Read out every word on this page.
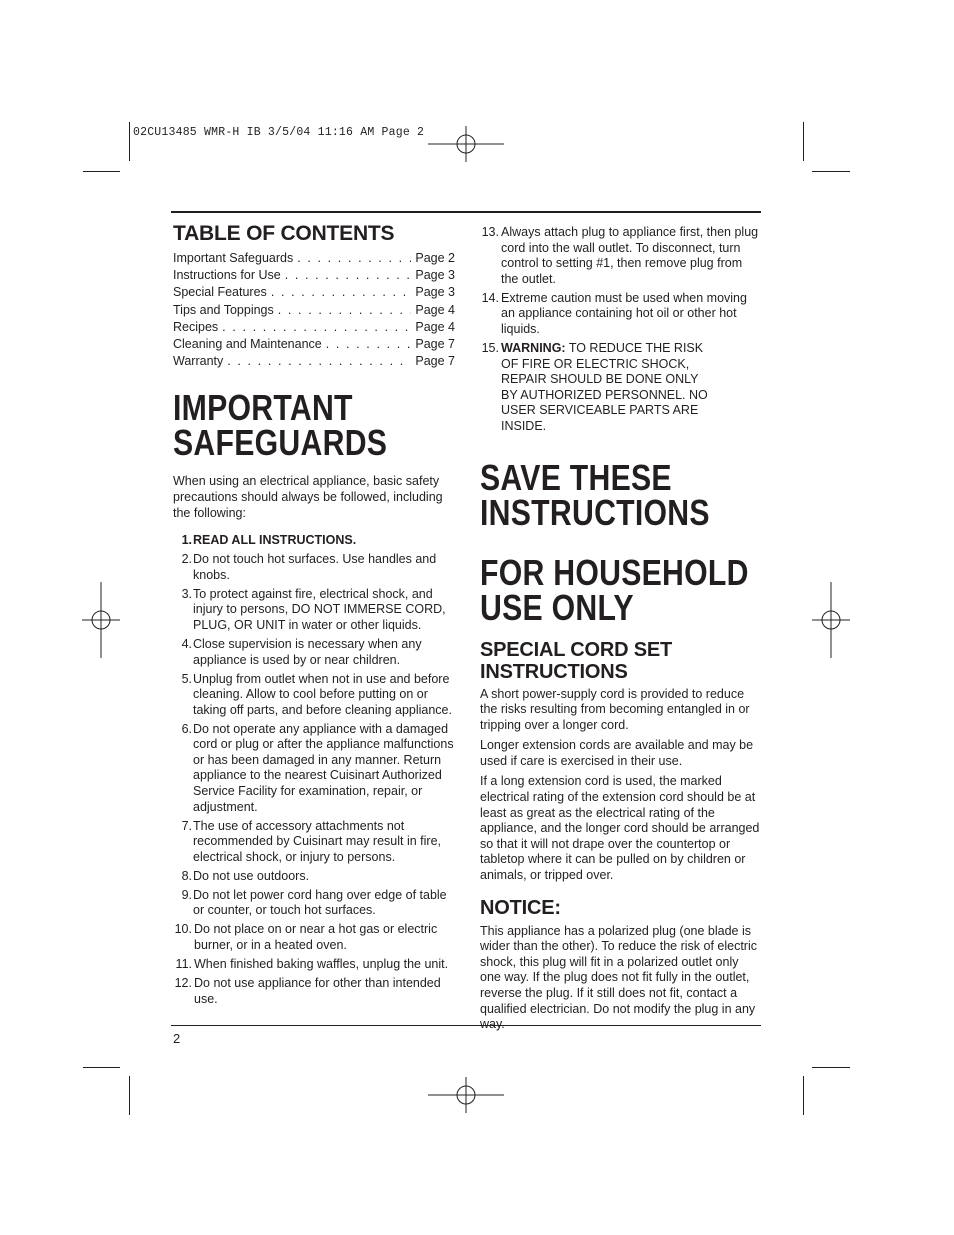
02CU13485 WMR-H IB 3/5/04 11:16 AM Page 2
2
TABLE OF CONTENTS
Important Safeguards . . .	Page 2
Instructions for Use . . .	Page 3
Special Features . . .	Page 3
Tips and Toppings . . .	Page 4
Recipes . . .	Page 4
Cleaning and Maintenance . . .	Page 7
Warranty . . .	Page 7
IMPORTANT
SAFEGUARDS

When using an electrical appliance, basic safety precautions should always be followed, including the following:

1. READ ALL INSTRUCTIONS.
2. Do not touch hot surfaces. Use handles and knobs.
3. To protect against fire, electrical shock, and injury to persons, DO NOT IMMERSE CORD, PLUG, OR UNIT in water or other liquids.
4. Close supervision is necessary when any appliance is used by or near children.
5. Unplug from outlet when not in use and before cleaning. Allow to cool before putting on or taking off parts, and before cleaning appliance.
6. Do not operate any appliance with a damaged cord or plug or after the appliance malfunctions or has been damaged in any manner. Return appliance to the nearest Cuisinart Authorized Service Facility for examination, repair, or adjustment.
7. The use of accessory attachments not recommended by Cuisinart may result in fire, electrical shock, or injury to persons.
8. Do not use outdoors.
9. Do not let power cord hang over edge of table or counter, or touch hot surfaces.
10. Do not place on or near a hot gas or electric burner, or in a heated oven.
11. When finished baking waffles, unplug the unit.
12. Do not use appliance for other than intended use.
13. Always attach plug to appliance first, then plug cord into the wall outlet. To disconnect, turn control to setting #1, then remove plug from the outlet.
14. Extreme caution must be used when moving an appliance containing hot oil or other hot liquids.
15. WARNING: TO REDUCE THE RISK OF FIRE OR ELECTRIC SHOCK, REPAIR SHOULD BE DONE ONLY BY AUTHORIZED PERSONNEL. NO USER SERVICEABLE PARTS ARE INSIDE.
SAVE THESE
INSTRUCTIONS
FOR HOUSEHOLD
USE ONLY
SPECIAL CORD SET
INSTRUCTIONS

A short power-supply cord is provided to reduce the risks resulting from becoming entangled in or tripping over a longer cord.

Longer extension cords are available and may be used if care is exercised in their use.

If a long extension cord is used, the marked electrical rating of the extension cord should be at least as great as the electrical rating of the appliance, and the longer cord should be arranged so that it will not drape over the countertop or tabletop where it can be pulled on by children or animals, or tripped over.

NOTICE:

This appliance has a polarized plug (one blade is wider than the other). To reduce the risk of electric shock, this plug will fit in a polarized outlet only one way. If the plug does not fit fully in the outlet, reverse the plug. If it still does not fit, contact a qualified electrician. Do not modify the plug in any way.
